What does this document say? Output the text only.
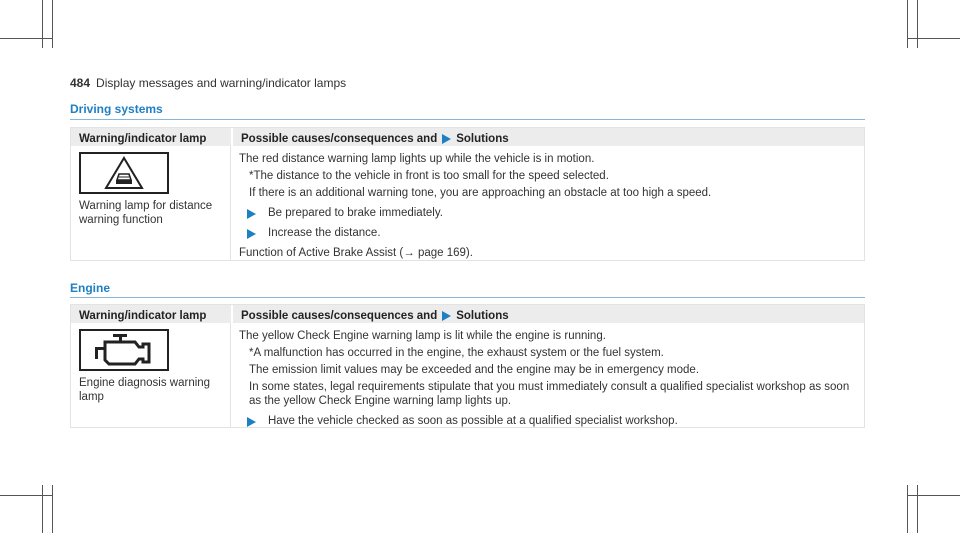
484 Display messages and warning/indicator lamps
Driving systems
Warning/indicator lamp	Possible causes/consequences and Solutions
Warning lamp for distance warning function
The red distance warning lamp lights up while the vehicle is in motion.
*The distance to the vehicle in front is too small for the speed selected.
If there is an additional warning tone, you are approaching an obstacle at too high a speed.
Be prepared to brake immediately.
Increase the distance.
Function of Active Brake Assist (→ page 169).
Engine
Warning/indicator lamp	Possible causes/consequences and Solutions
Engine diagnosis warning lamp
The yellow Check Engine warning lamp is lit while the engine is running.
*A malfunction has occurred in the engine, the exhaust system or the fuel system.
The emission limit values may be exceeded and the engine may be in emergency mode.
In some states, legal requirements stipulate that you must immediately consult a qualified specialist workshop as soon as the yellow Check Engine warning lamp lights up.
Have the vehicle checked as soon as possible at a qualified specialist workshop.
